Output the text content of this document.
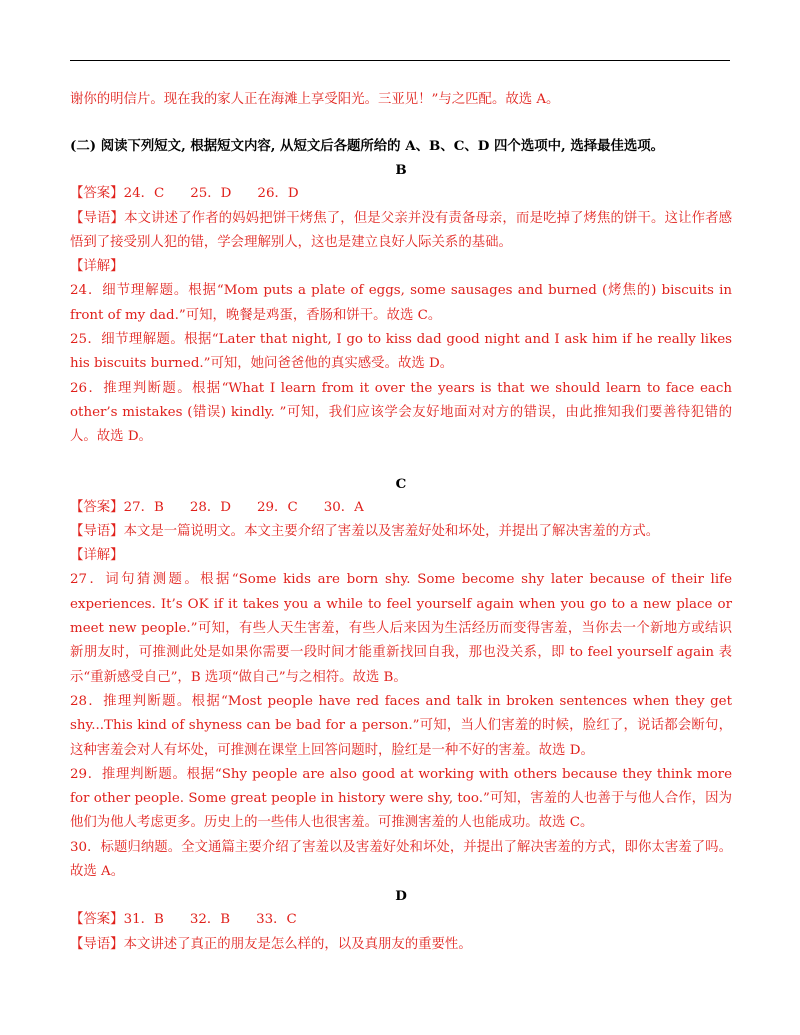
谢你的明信片。现在我的家人正在海滩上享受阳光。三亚见！”与之匹配。故选 A。
(二) 阅读下列短文, 根据短文内容, 从短文后各题所给的 A、B、C、D 四个选项中, 选择最佳选项。
B
【答案】24．C 25．D 26．D
【导语】本文讲述了作者的妈妈把饼干烤焦了，但是父亲并没有责备母亲，而是吃掉了烤焦的饼干。这让作者感悟到了接受别人犯的错，学会理解别人，这也是建立良好人际关系的基础。
【详解】
24．细节理解题。根据“Mom puts a plate of eggs, some sausages and burned (烤焦的) biscuits in front of my dad.”可知，晚餐是鸡蛋，香肠和饼干。故选 C。
25．细节理解题。根据“Later that night, I go to kiss dad good night and I ask him if he really likes his biscuits burned.”可知，她问爸爸他的真实感受。故选 D。
26．推理判断题。根据“What I learn from it over the years is that we should learn to face each other’s mistakes (错误) kindly. ”可知，我们应该学会友好地面对对方的错误，由此推知我们要善待犯错的人。故选 D。
C
【答案】27．B 28．D 29．C 30．A
【导语】本文是一篇说明文。本文主要介绍了害羞以及害羞好处和坏处，并提出了解决害羞的方式。
【详解】
27．词句猜测题。根据“Some kids are born shy. Some become shy later because of their life experiences. It’s OK if it takes you a while to feel yourself again when you go to a new place or meet new people.”可知，有些人天生害羞，有些人后来因为生活经历而变得害羞，当你去一个新地方或结识新朋友时，可推测此处是如果你需要一段时间才能重新找回自我，那也没关系，即 to feel yourself again 表示“重新感受自己”，B 选项“做自己”与之相符。故选 B。
28．推理判断题。根据“Most people have red faces and talk in broken sentences when they get shy...This kind of shyness can be bad for a person.”可知，当人们害羞的时候，脸红了，说话都会断句，这种害羞会对人有坏处，可推测在课堂上回答问题时，脸红是一种不好的害羞。故选 D。
29．推理判断题。根据“Shy people are also good at working with others because they think more for other people. Some great people in history were shy, too.”可知，害羞的人也善于与他人合作，因为他们为他人考虑更多。历史上的一些伟人也很害羞。可推测害羞的人也能成功。故选 C。
30．标题归纳题。全文通篇主要介绍了害羞以及害羞好处和坏处，并提出了解决害羞的方式，即你太害羞了吗。故选 A。
D
【答案】31．B 32．B 33．C
【导语】本文讲述了真正的朋友是怎么样的，以及真朋友的重要性。
